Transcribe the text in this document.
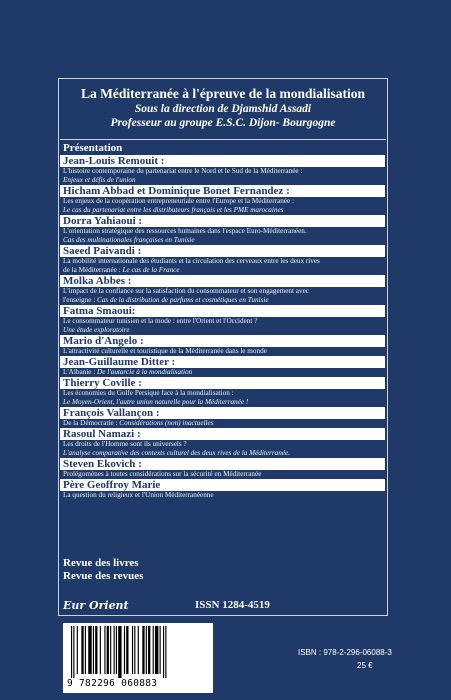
La Méditerranée à l'épreuve de la mondialisation
Sous la direction de Djamshid Assadi
Professeur au groupe E.S.C. Dijon- Bourgogne
Présentation
Jean-Louis Remouit :
L'histoire contemporaine du partenariat entre le Nord et le Sud de la Méditerranée :
Enjeux et défis de l'union
Hicham Abbad et Dominique Bonet Fernandez :
Les enjeux de la coopération entrepreneuriale entre l'Europe et la Méditerranée :
Le cas du partenariat entre les distributeurs français et les PME marocaines
Dorra Yahiaoui :
L'orientation stratégique des ressources humaines dans l'espace Euro-Méditerranéen.
Cas des multinationales françaises en Tunisie
Saeed Paivandi :
La mobilité internationale des étudiants et la circulation des cerveaux entre les deux rives
de la Méditerranée : Le cas de la France
Molka Abbes :
L'impact de la confiance sur la satisfaction du consommateur et son engagement avec
l'enseigne : Cas de la distribution de parfums et cosmétiques en Tunisie
Fatma Smaoui:
Le consommateur tunisien et la mode : entre l'Orient et l'Occident ?
Une étude exploratoire
Mario d'Angelo :
L'attractivité culturelle et touristique de la Méditerranée dans le monde
Jean-Guillaume Ditter :
L'Albanie : De l'autarcie à la mondialisation
Thierry Coville :
Les économies du Golfe Persique face à la mondialisation :
Le Moyen-Orient, l'autre union naturelle pour la Méditerranée !
François Vallançon :
De la Démocratie : Considérations (non) inactuelles
Rasoul Namazi :
Les droits de l'Homme sont ils universels ?
L'analyse comparative des contexts culturel des deux rives de la Méditerranée.
Steven Ekovich :
Prolégomènes à toutes considérations sur la sécurité en Méditerranée
Père Geoffroy Marie
La question du religieux et l'Union Méditerranéenne
Revue des livres
Revue des revues
Eur Orient	ISSN 1284-4519
9 782296 060883
ISBN : 978-2-296-06088-3
25 €
